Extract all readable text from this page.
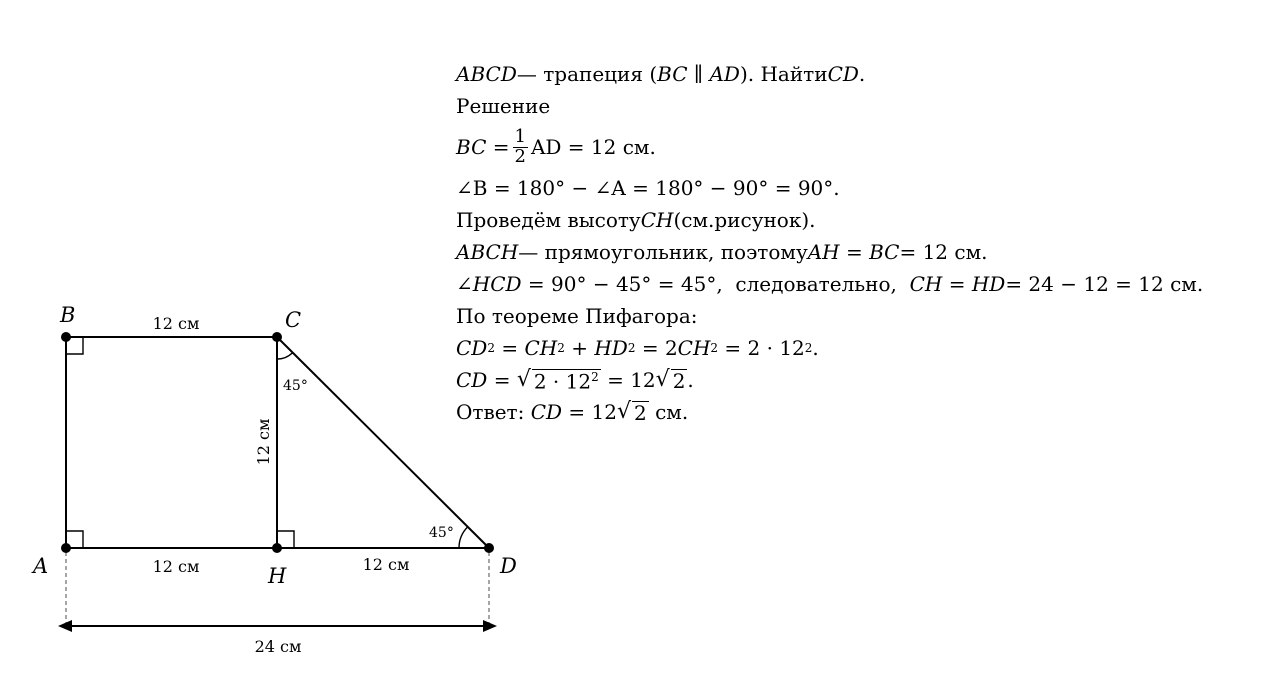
A
B	C
D
H
12 см
12 см	12 см
12 см
24 см
45°
45°
ABCD — трапеция ( BC ∥ AD ). Найти CD .
Решение
BC = $\frac{1}{2}$ AD = 12 см.
∠B = 180° − ∠A = 180° − 90° = 90°.
Проведём высоту CH (см.рисунок).
ABCH — прямоугольник, поэтому AH = BC = 12 см.
∠HCD = 90° − 45° = 45°,  следовательно, CH = HD = 24 − 12 = 12 см.
По теореме Пифагора:
CD 2 = CH 2 + HD 2 = 2 CH 2 = 2 · 12 2 .
CD = √ $2 \cdot 12^2 = 12$ √ 2 .
Ответ: CD = 12 √ 2 см.
